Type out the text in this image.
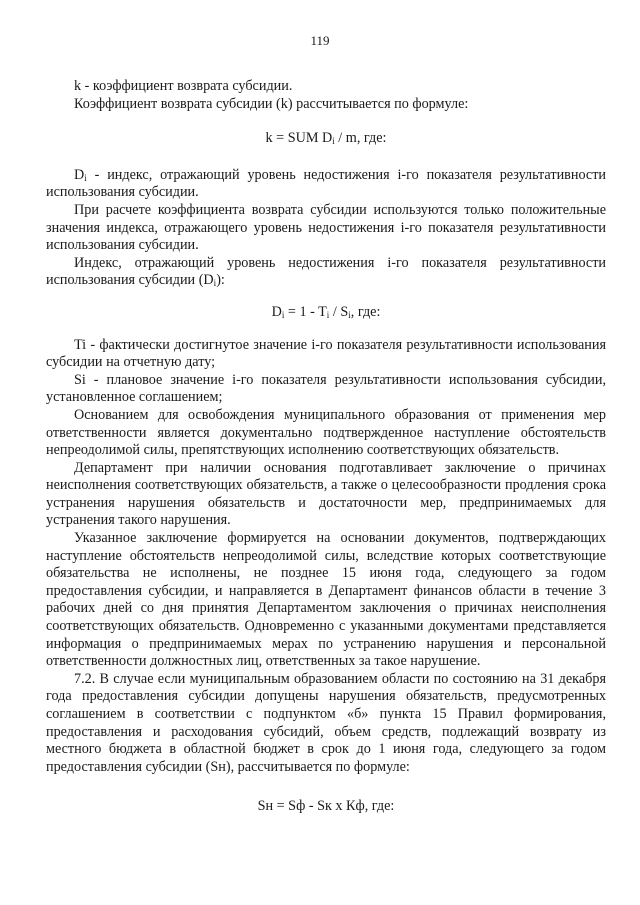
119

k - коэффициент возврата субсидии.

Коэффициент возврата субсидии (k) рассчитывается по формуле:

k = SUM $D_i$ / m, где:

$D_i$ - индекс, отражающий уровень недостижения i-го показателя результативности использования субсидии.

При расчете коэффициента возврата субсидии используются только положительные значения индекса, отражающего уровень недостижения i-го показателя результативности использования субсидии.

Индекс, отражающий уровень недостижения i-го показателя результативности использования субсидии $(D_i)$:

$D_i = 1 - T_i / S_i$, где:

Ti - фактически достигнутое значение i-го показателя результативности использования субсидии на отчетную дату;

Si - плановое значение i-го показателя результативности использования субсидии, установленное соглашением;

Основанием для освобождения муниципального образования от применения мер ответственности является документально подтвержденное наступление обстоятельств непреодолимой силы, препятствующих исполнению соответствующих обязательств.

Департамент при наличии основания подготавливает заключение о причинах неисполнения соответствующих обязательств, а также о целесообразности продления срока устранения нарушения обязательств и достаточности мер, предпринимаемых для устранения такого нарушения.

Указанное заключение формируется на основании документов, подтверждающих наступление обстоятельств непреодолимой силы, вследствие которых соответствующие обязательства не исполнены, не позднее 15 июня года, следующего за годом предоставления субсидии, и направляется в Департамент финансов области в течение 3 рабочих дней со дня принятия Департаментом заключения о причинах неисполнения соответствующих обязательств. Одновременно с указанными документами представляется информация о предпринимаемых мерах по устранению нарушения и персональной ответственности должностных лиц, ответственных за такое нарушение.

7.2. В случае если муниципальным образованием области по состоянию на 31 декабря года предоставления субсидии допущены нарушения обязательств, предусмотренных соглашением в соответствии с подпунктом «б» пункта 15 Правил формирования, предоставления и расходования субсидий, объем средств, подлежащий возврату из местного бюджета в областной бюджет в срок до 1 июня года, следующего за годом предоставления субсидии (Sн), рассчитывается по формуле:

Sн = Sф - Sк х Кф, где:
